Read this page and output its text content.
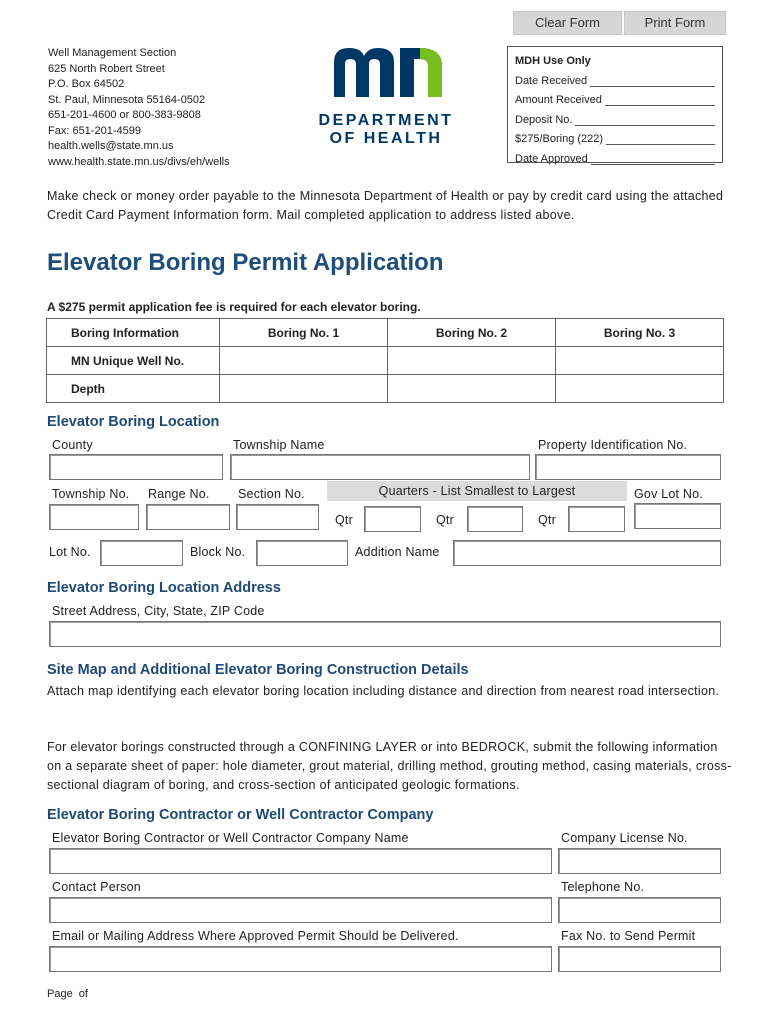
Clear Form	Print Form
Well Management Section
625 North Robert Street
P.O. Box 64502
St. Paul, Minnesota 55164-0502
651-201-4600 or 800-383-9808
Fax: 651-201-4599
health.wells@state.mn.us
www.health.state.mn.us/divs/eh/wells
DEPARTMENT
OF HEALTH
MDH Use Only
Date Received
Amount Received
Deposit No.
$275/Boring (222)
Date Approved
Make check or money order payable to the Minnesota Department of Health or pay by credit card using the attached Credit Card Payment Information form. Mail completed application to address listed above.
Elevator Boring Permit Application
A $275 permit application fee is required for each elevator boring.
Boring Information	Boring No. 1	Boring No. 2	Boring No. 3
MN Unique Well No.			
Depth			
Elevator Boring Location
County	Township Name	Property Identification No.
Township No. Range No. Section No.	Quarters - List Smallest to Largest	Gov Lot No.
Qtr	Qtr	Qtr
Lot No.	Block No.	Addition Name
Elevator Boring Location Address
Street Address, City, State, ZIP Code
Site Map and Additional Elevator Boring Construction Details
Attach map identifying each elevator boring location including distance and direction from nearest road intersection.
For elevator borings constructed through a CONFINING LAYER or into BEDROCK, submit the following information on a separate sheet of paper: hole diameter, grout material, drilling method, grouting method, casing materials, cross-sectional diagram of boring, and cross-section of anticipated geologic formations.
Elevator Boring Contractor or Well Contractor Company
Elevator Boring Contractor or Well Contractor Company Name	Company License No.
Contact Person	Telephone No.
Email or Mailing Address Where Approved Permit Should be Delivered.	Fax No. to Send Permit
Page  of
